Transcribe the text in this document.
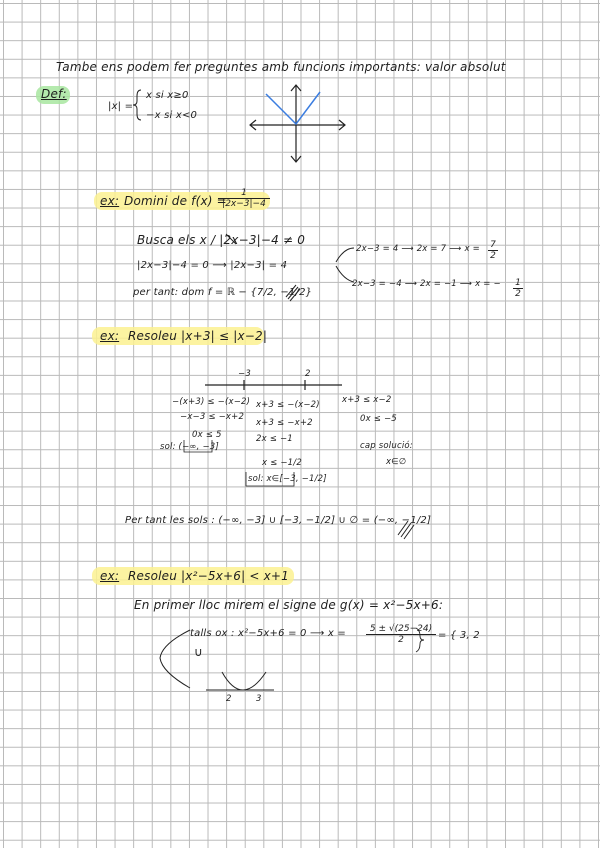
Tambe ens podem fer preguntes amb funcions importants: valor absolut
Def:
|x| =
x si x≥0
−x si x<0
ex: Domini de f(x) =
$\frac{1}{|2x-3|-4}$
Busca els x / |2x−3|−4 ≠ 0
|2x−3|−4 = 0 ⟶ |2x−3| = 4
2x−3 = 4 ⟶ 2x = 7 ⟶ $x = \frac{7}{2}$
2x−3 = −4 ⟶ 2x = −1 ⟶ x = − $\frac{1}{2}$
per tant: dom f = ℝ − {7/2, −1/2}
ex: Resoleu |x+3| ≤ |x−2|
−3	2
−(x+3) ≤ −(x−2)
−x−3 ≤ −x+2
0x ≤ 5
sol: (−∞, −3]
x+3 ≤ −(x−2)
x+3 ≤ −x+2
2x ≤ −1
x ≤ −1/2
sol: x∈[−3, −1/2]
x+3 ≤ x−2
0x ≤ −5
cap solució:
x∈∅
Per tant les sols : (−∞, −3] ∪ [−3, −1/2] ∪ ∅ = (−∞, −1/2]
ex: Resoleu |x²−5x+6| < x+1
En primer lloc mirem el signe de g(x) = x²−5x+6:
talls ox : x²−5x+6 = 0 ⟶ $x = \frac{5 \pm √(25-24)}{2}$ = { 3, 2
∪
2	3
